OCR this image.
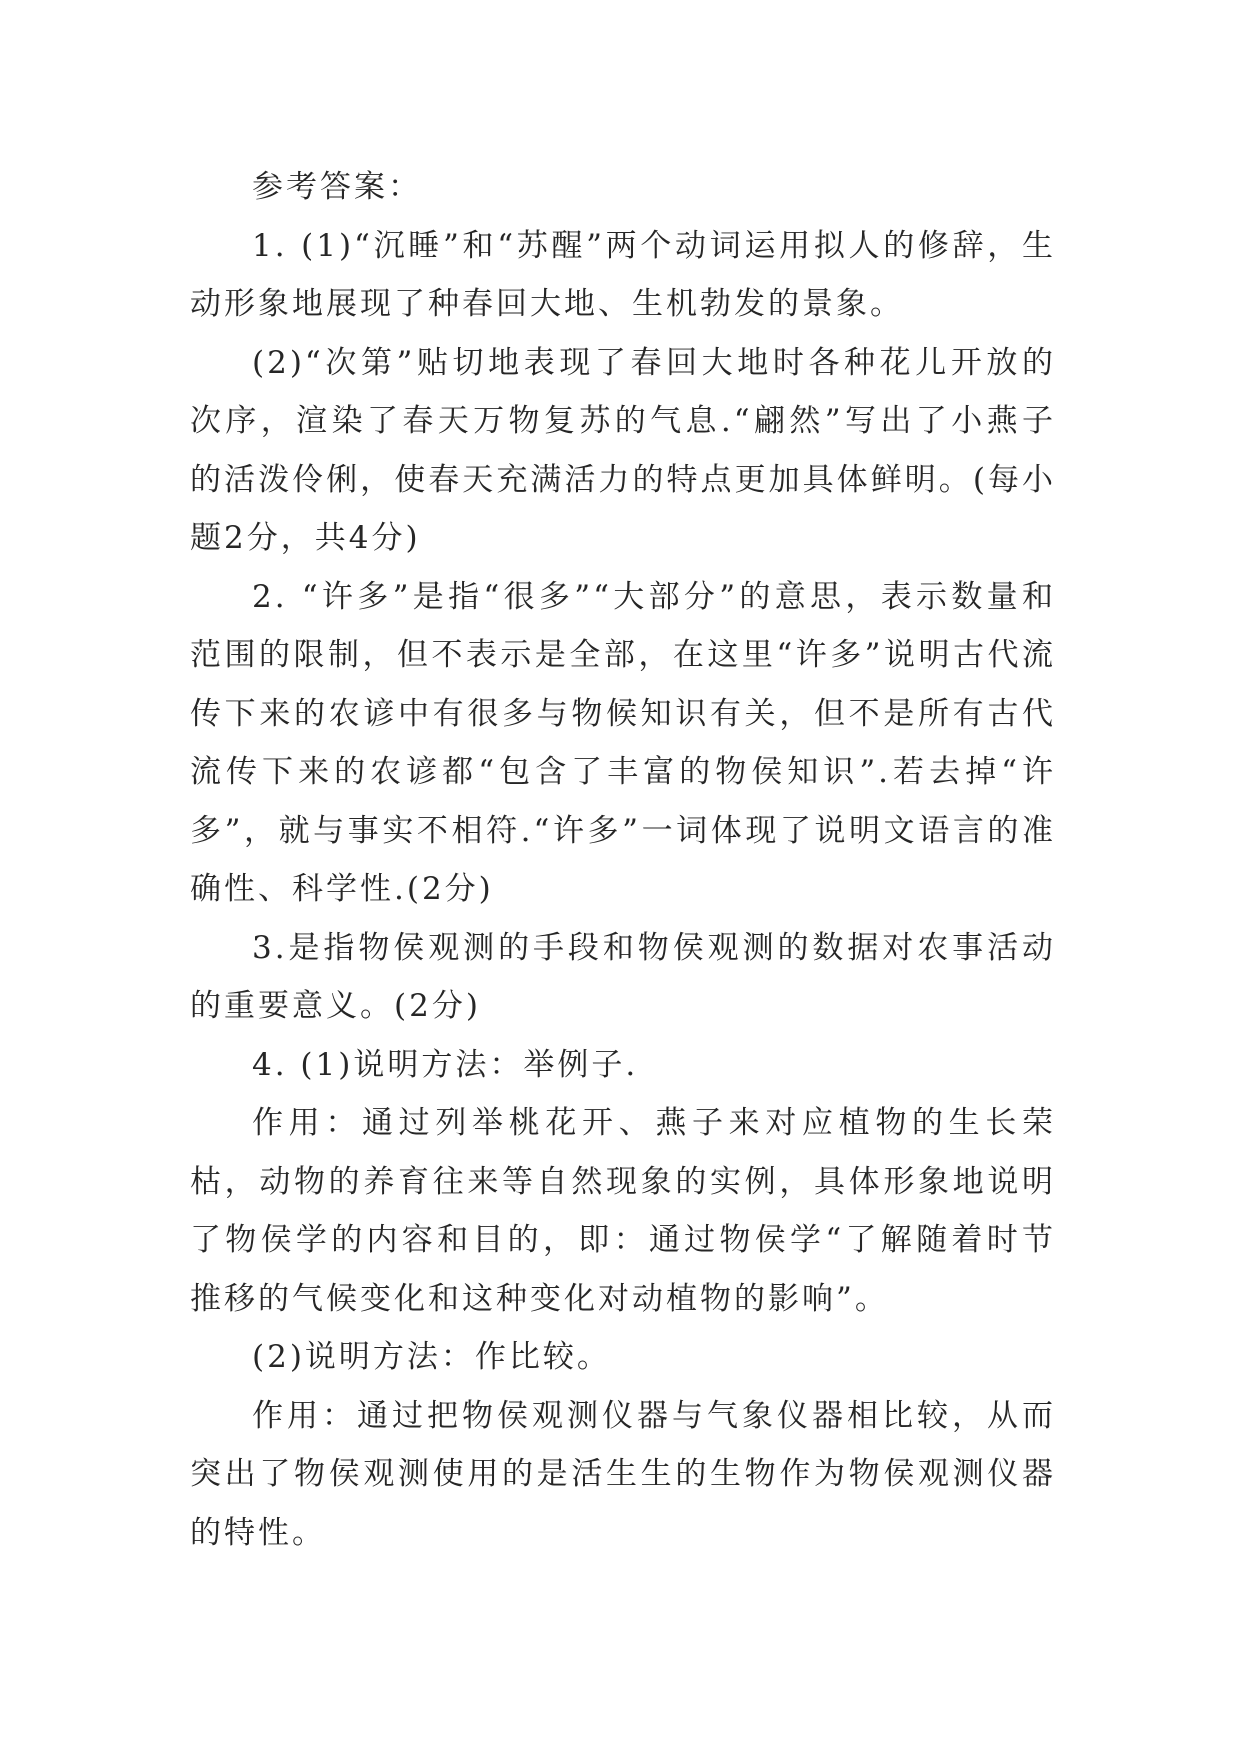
参考答案：

1. (1)“沉睡”和“苏醒”两个动词运用拟人的修辞，生动形象地展现了种春回大地、生机勃发的景象。

(2)“次第”贴切地表现了春回大地时各种花儿开放的次序，渲染了春天万物复苏的气息.“翩然”写出了小燕子的活泼伶俐，使春天充满活力的特点更加具体鲜明。(每小题2分，共4分)

2. “许多”是指“很多”“大部分”的意思，表示数量和范围的限制，但不表示是全部，在这里“许多”说明古代流传下来的农谚中有很多与物候知识有关，但不是所有古代流传下来的农谚都“包含了丰富的物侯知识”.若去掉“许多”，就与事实不相符.“许多”一词体现了说明文语言的准确性、科学性.(2分)

3.是指物侯观测的手段和物侯观测的数据对农事活动的重要意义。(2分)

4. (1)说明方法：举例子.

作用：通过列举桃花开、燕子来对应植物的生长荣枯，动物的养育往来等自然现象的实例，具体形象地说明了物侯学的内容和目的，即：通过物侯学“了解随着时节推移的气候变化和这种变化对动植物的影响”。

(2)说明方法：作比较。

作用：通过把物侯观测仪器与气象仪器相比较，从而突出了物侯观测使用的是活生生的生物作为物侯观测仪器的特性。
